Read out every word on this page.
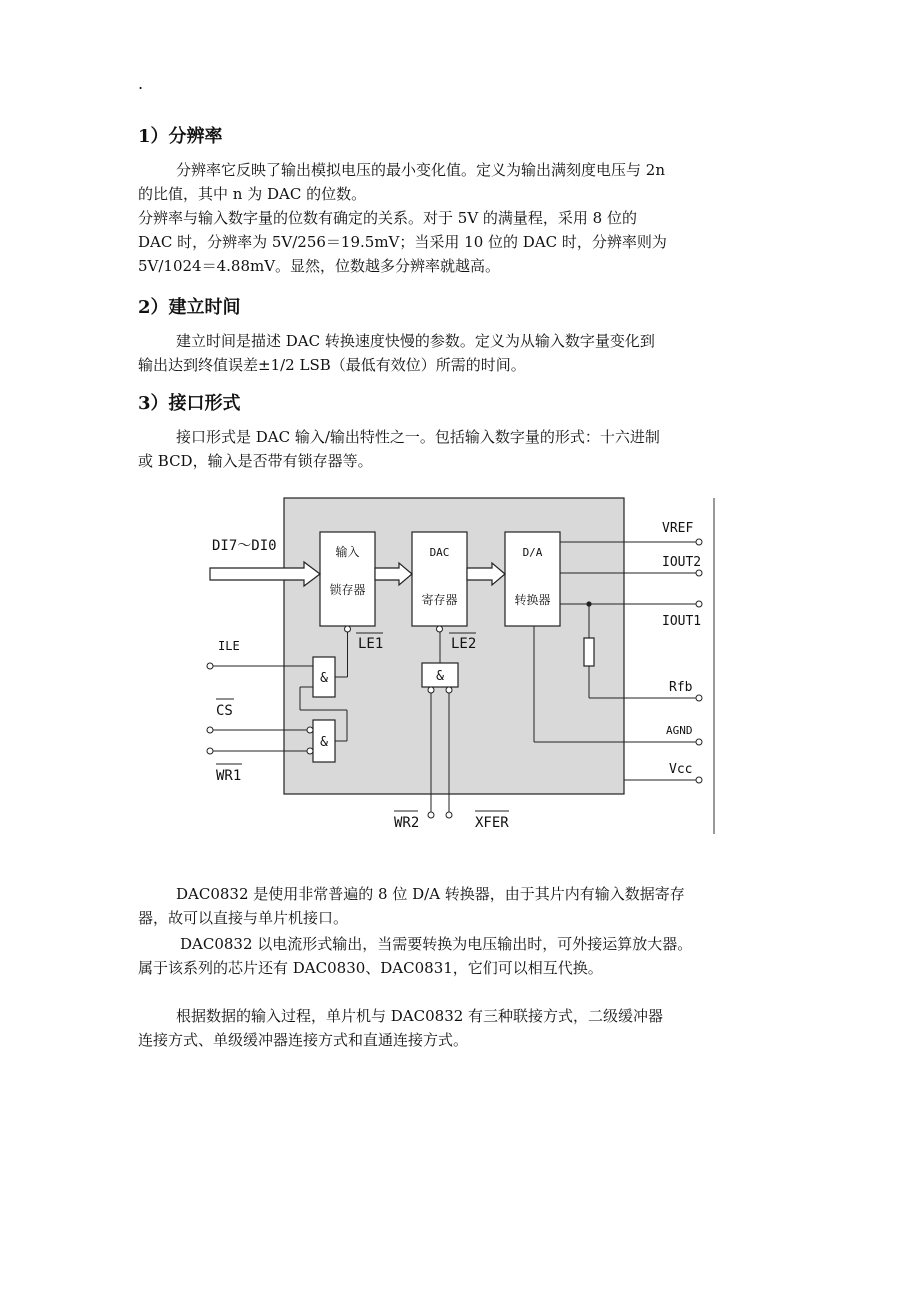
.
1）分辨率
分辨率它反映了输出模拟电压的最小变化值。定义为输出满刻度电压与 2n
的比值，其中 n 为 DAC 的位数。
分辨率与输入数字量的位数有确定的关系。对于 5V 的满量程，采用 8 位的
DAC 时，分辨率为 5V/256＝19.5mV；当采用 10 位的 DAC 时，分辨率则为
5V/1024＝4.88mV。显然，位数越多分辨率就越高。
2）建立时间
建立时间是描述 DAC 转换速度快慢的参数。定义为从输入数字量变化到
输出达到终值误差±1/2 LSB（最低有效位）所需的时间。
3）接口形式
接口形式是 DAC 输入/输出特性之一。包括输入数字量的形式：十六进制
或 BCD，输入是否带有锁存器等。
输入
锁存器
DAC
寄存器
D/A
转换器
DI7～DI0
LE1	LE2
&
ILE
&
CS
WR1
&
WR2	XFER
VREF
IOUT2
IOUT1
Rfb
AGND
Vcc
DAC0832 是使用非常普遍的 8 位 D/A 转换器，由于其片内有输入数据寄存
器，故可以直接与单片机接口。
DAC0832 以电流形式输出，当需要转换为电压输出时，可外接运算放大器。
属于该系列的芯片还有 DAC0830、DAC0831，它们可以相互代换。
根据数据的输入过程，单片机与 DAC0832 有三种联接方式，二级缓冲器
连接方式、单级缓冲器连接方式和直通连接方式。
